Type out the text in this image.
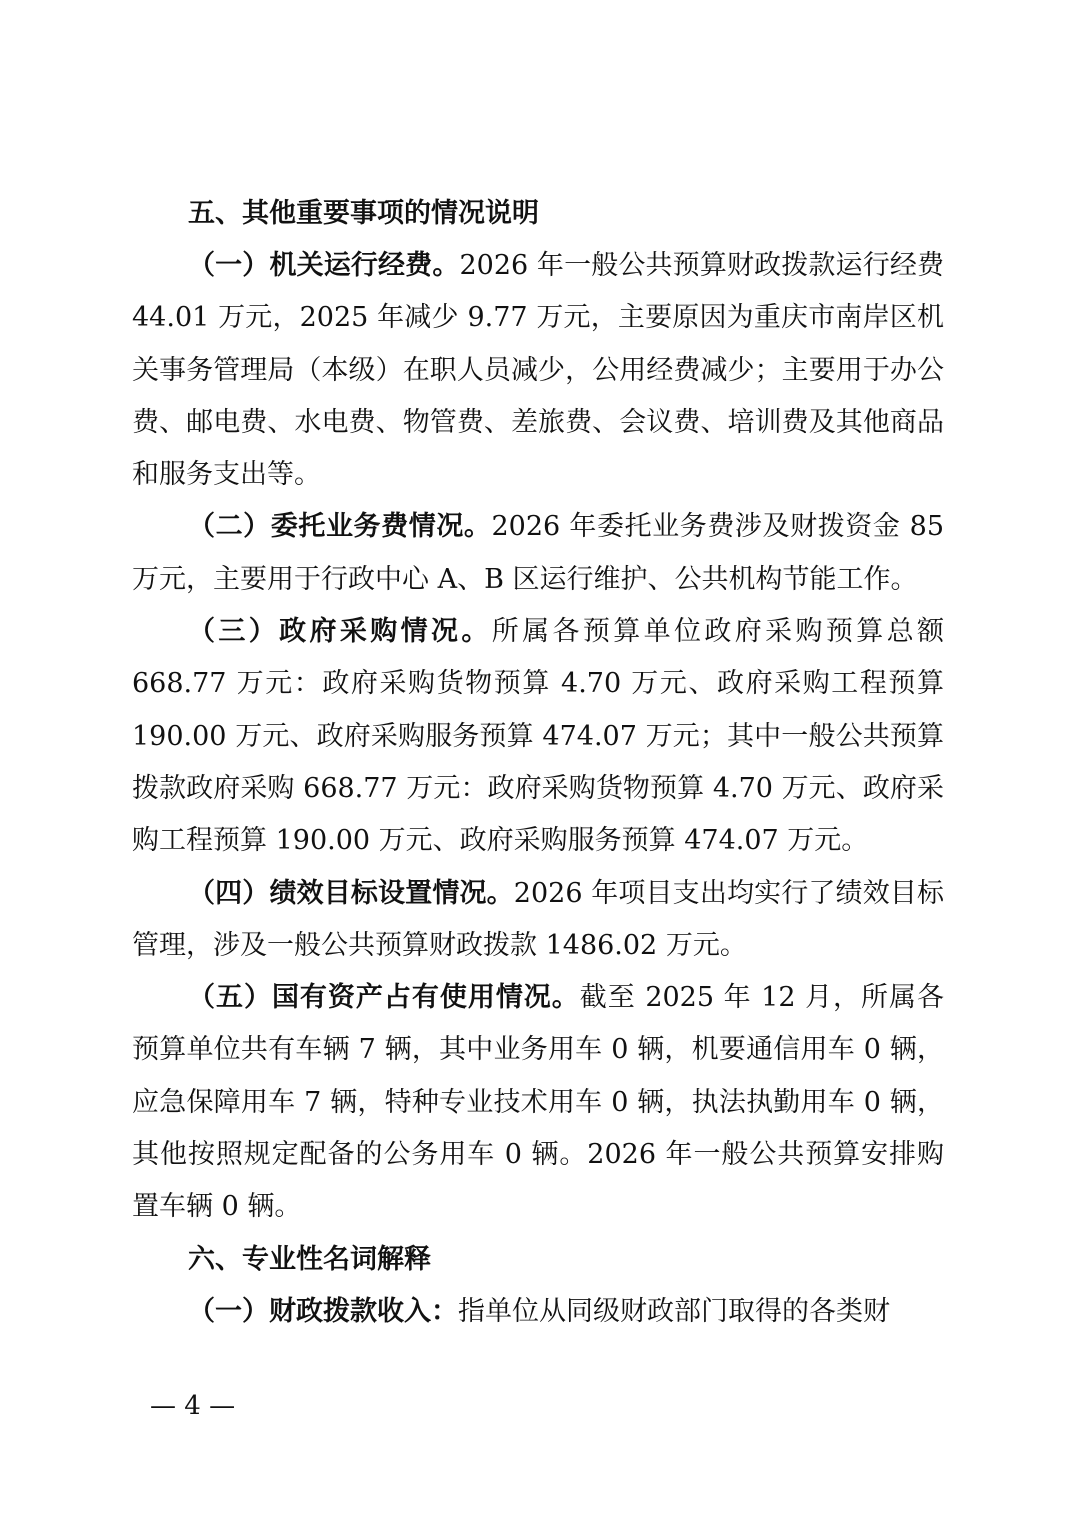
五、其他重要事项的情况说明

（一）机关运行经费。2026 年一般公共预算财政拨款运行经费 44.01 万元，2025 年减少 9.77 万元，主要原因为重庆市南岸区机关事务管理局（本级）在职人员减少，公用经费减少；主要用于办公费、邮电费、水电费、物管费、差旅费、会议费、培训费及其他商品和服务支出等。

（二）委托业务费情况。2026 年委托业务费涉及财拨资金 85 万元，主要用于行政中心 A、B 区运行维护、公共机构节能工作。

（三）政府采购情况。所属各预算单位政府采购预算总额 668.77 万元：政府采购货物预算 4.70 万元、政府采购工程预算 190.00 万元、政府采购服务预算 474.07 万元；其中一般公共预算拨款政府采购 668.77 万元：政府采购货物预算 4.70 万元、政府采购工程预算 190.00 万元、政府采购服务预算 474.07 万元。

（四）绩效目标设置情况。2026 年项目支出均实行了绩效目标管理，涉及一般公共预算财政拨款 1486.02 万元。

（五）国有资产占有使用情况。截至 2025 年 12 月，所属各预算单位共有车辆 7 辆，其中业务用车 0 辆，机要通信用车 0 辆，应急保障用车 7 辆，特种专业技术用车 0 辆，执法执勤用车 0 辆，其他按照规定配备的公务用车 0 辆。2026 年一般公共预算安排购置车辆 0 辆。

六、专业性名词解释

（一）财政拨款收入：指单位从同级财政部门取得的各类财

— 4 —
